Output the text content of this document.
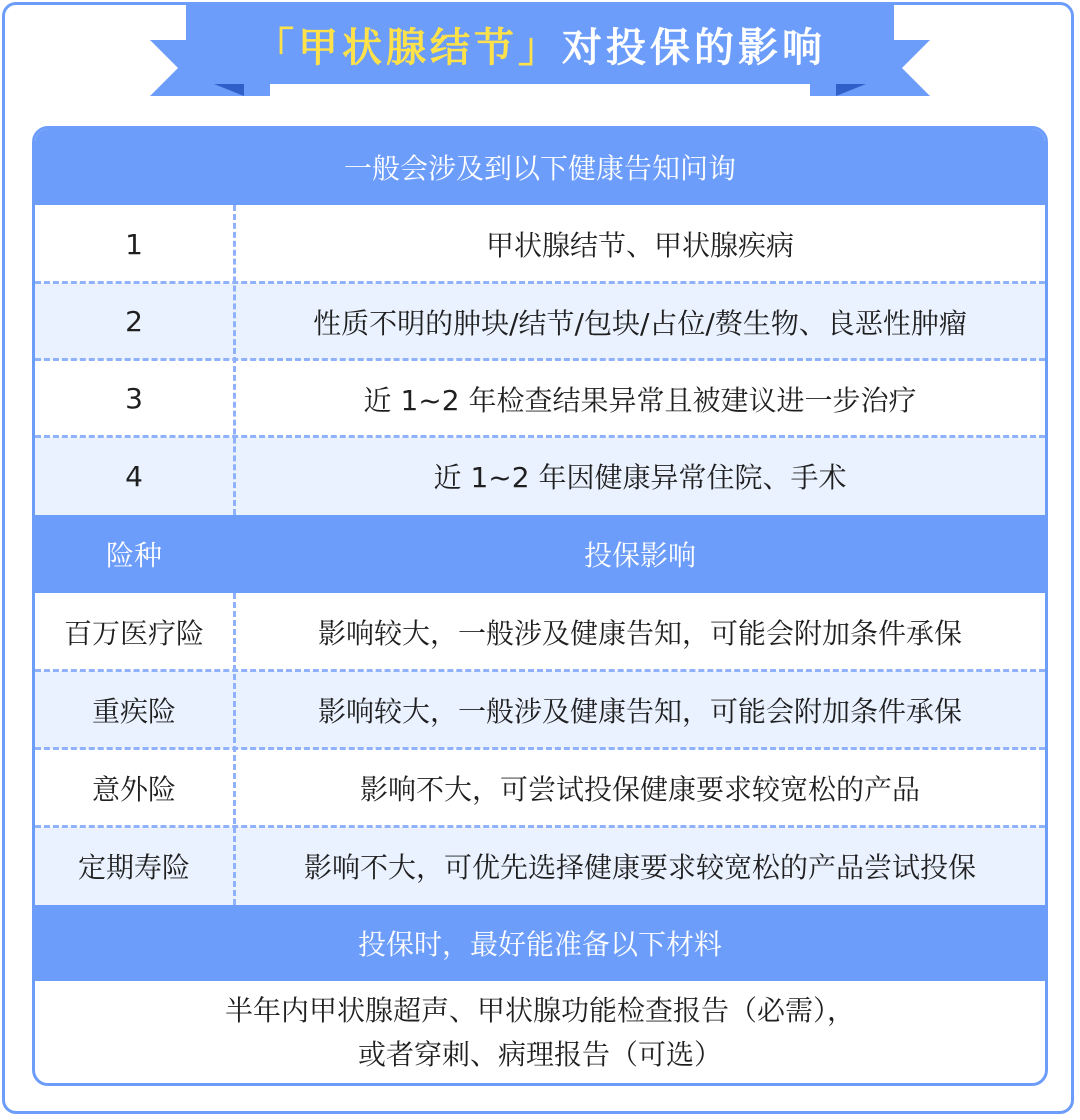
「甲状腺结节」 对投保的影响
一般会涉及到以下健康告知问询
1	甲状腺结节、甲状腺疾病
2	性质不明的肿块/结节/包块/占位/赘生物、良恶性肿瘤
3	近 1~2 年检查结果异常且被建议进一步治疗
4	近 1~2 年因健康异常住院、手术
险种	投保影响
百万医疗险	影响较大，一般涉及健康告知，可能会附加条件承保
重疾险	影响较大，一般涉及健康告知，可能会附加条件承保
意外险	影响不大，可尝试投保健康要求较宽松的产品
定期寿险	影响不大，可优先选择健康要求较宽松的产品尝试投保
投保时，最好能准备以下材料
半年内甲状腺超声、甲状腺功能检查报告（必需），
或者穿刺、病理报告（可选）
